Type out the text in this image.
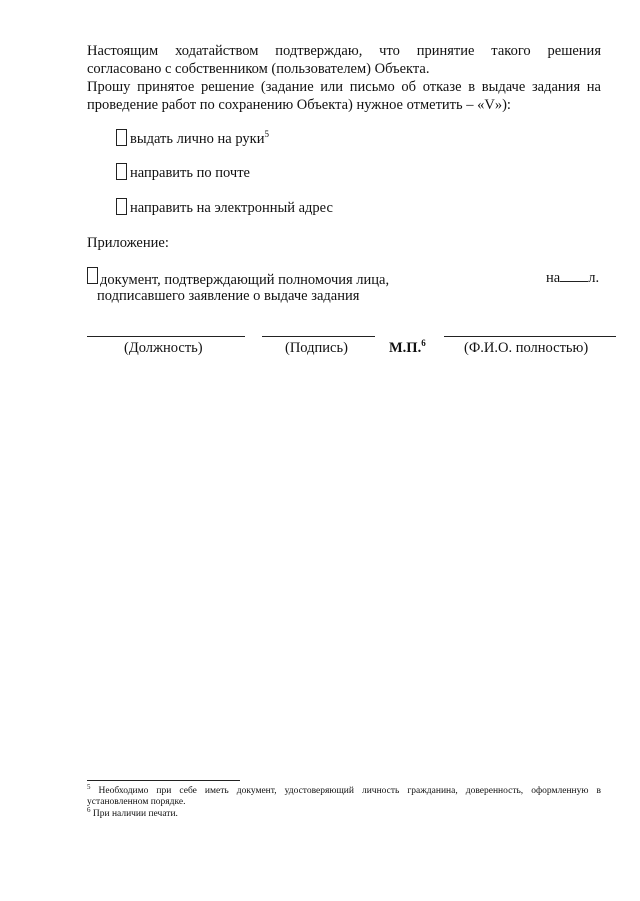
Настоящим ходатайством подтверждаю, что принятие такого решения
согласовано с собственником (пользователем) Объекта.
Прошу принятое решение (задание или письмо об отказе в выдаче задания на
проведение работ по сохранению Объекта) нужное отметить – «V»):
выдать лично на руки$^5$
направить по почте
направить на электронный адрес
Приложение:
документ, подтверждающий полномочия лица,
подписавшего заявление о выдаче задания
на л.
(Должность)	(Подпись)	М.П.$^6$	(Ф.И.О. полностью)
$^5$ Необходимо при себе иметь документ, удостоверяющий личность гражданина, доверенность, оформленную в
установленном порядке.
$^6$ При наличии печати.
